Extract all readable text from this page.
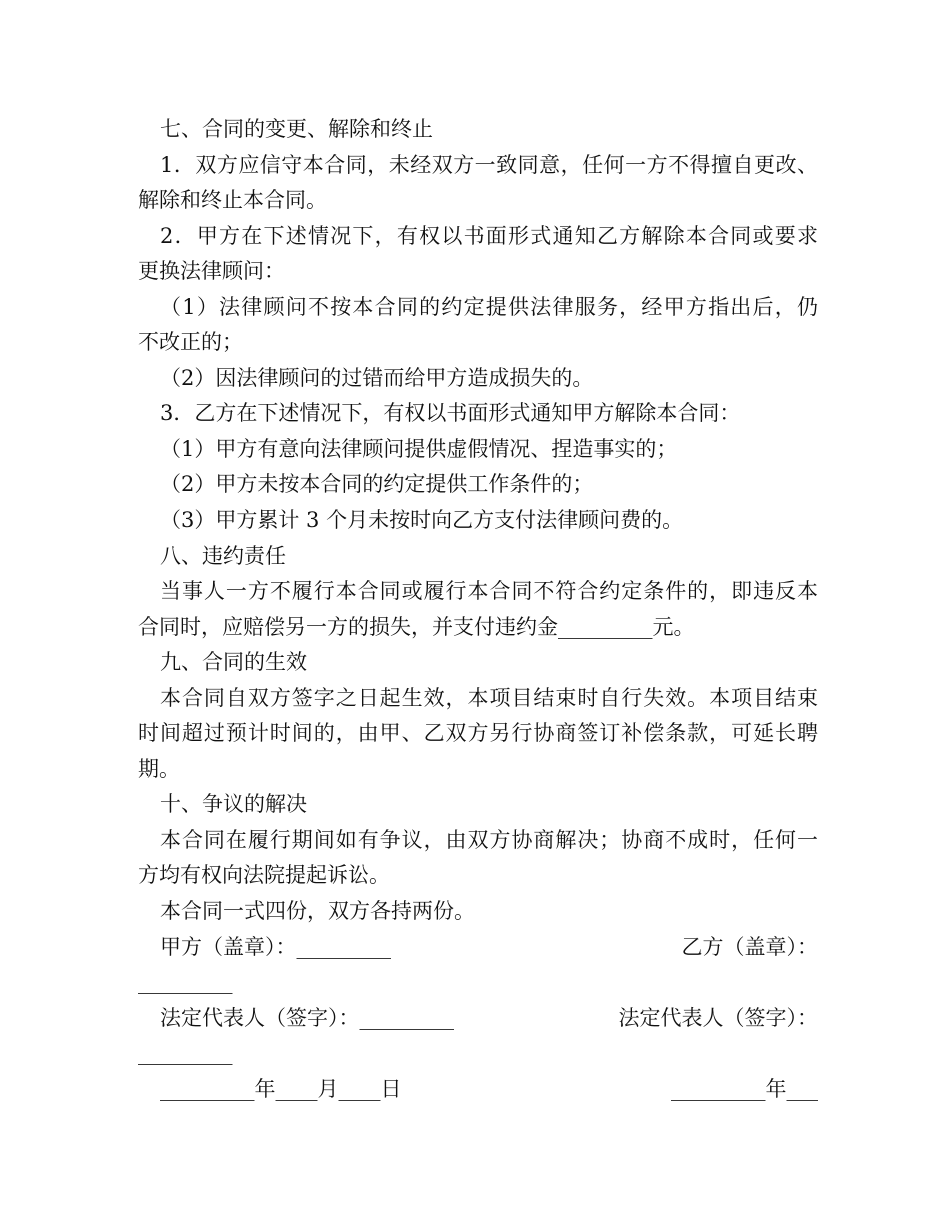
七、合同的变更、解除和终止
1．双方应信守本合同，未经双方一致同意，任何一方不得擅自更改、
解除和终止本合同。
2．甲方在下述情况下，有权以书面形式通知乙方解除本合同或要求
更换法律顾问：
（1）法律顾问不按本合同的约定提供法律服务，经甲方指出后，仍
不改正的；
（2）因法律顾问的过错而给甲方造成损失的。
3．乙方在下述情况下，有权以书面形式通知甲方解除本合同：
（1）甲方有意向法律顾问提供虚假情况、捏造事实的；
（2）甲方未按本合同的约定提供工作条件的；
（3）甲方累计 3 个月未按时向乙方支付法律顾问费的。
八、违约责任
当事人一方不履行本合同或履行本合同不符合约定条件的，即违反本
合同时，应赔偿另一方的损失，并支付违约金_________元。
九、合同的生效
本合同自双方签字之日起生效，本项目结束时自行失效。本项目结束
时间超过预计时间的，由甲、乙双方另行协商签订补偿条款，可延长聘
期。
十、争议的解决
本合同在履行期间如有争议，由双方协商解决；协商不成时，任何一
方均有权向法院提起诉讼。
本合同一式四份，双方各持两份。
甲方（盖章）：_________	乙方（盖章）：
_________
法定代表人（签字）：_________	法定代表人（签字）：
_________
_________年____月____日	_________年___
